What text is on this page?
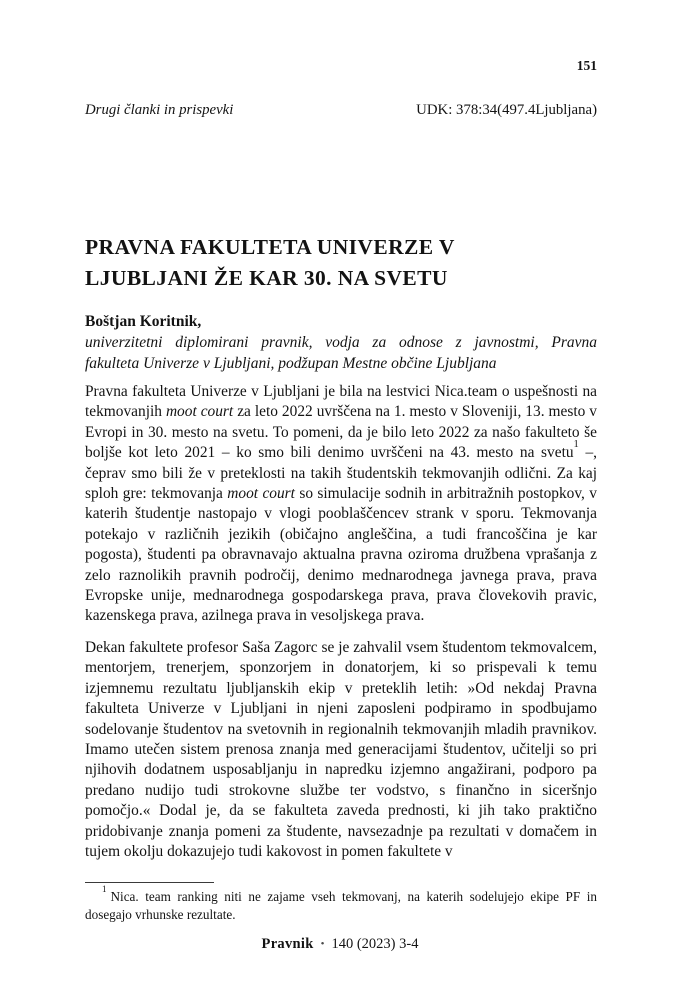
151
Drugi članki in prispevki	UDK: 378:34(497.4Ljubljana)
PRAVNA FAKULTETA UNIVERZE V
LJUBLJANI ŽE KAR 30. NA SVETU
Boštjan Koritnik,
univerzitetni diplomirani pravnik, vodja za odnose z javnostmi, Pravna
fakulteta Univerze v Ljubljani, podžupan Mestne občine Ljubljana

Pravna fakulteta Univerze v Ljubljani je bila na lestvici Nica.team o uspešnosti na tekmovanjih moot court za leto 2022 uvrščena na 1. mesto v Sloveniji, 13. mesto v Evropi in 30. mesto na svetu. To pomeni, da je bilo leto 2022 za našo fakulteto še boljše kot leto 2021 – ko smo bili denimo uvrščeni na 43. mesto na svetu$^1$ –, čeprav smo bili že v preteklosti na takih študentskih tekmovanjih odlični. Za kaj sploh gre: tekmovanja moot court so simulacije sodnih in arbitražnih postopkov, v katerih študentje nastopajo v vlogi pooblaščencev strank v sporu. Tekmovanja potekajo v različnih jezikih (običajno angleščina, a tudi francoščina je kar pogosta), študenti pa obravnavajo aktualna pravna oziroma družbena vprašanja z zelo raznolikih pravnih področij, denimo mednarodnega javnega prava, prava Evropske unije, mednarodnega gospodarskega prava, prava človekovih pravic, kazenskega prava, azilnega prava in vesoljskega prava.

Dekan fakultete profesor Saša Zagorc se je zahvalil vsem študentom tekmovalcem, mentorjem, trenerjem, sponzorjem in donatorjem, ki so prispevali k temu izjemnemu rezultatu ljubljanskih ekip v preteklih letih: »Od nekdaj Pravna fakulteta Univerze v Ljubljani in njeni zaposleni podpiramo in spodbujamo sodelovanje študentov na svetovnih in regionalnih tekmovanjih mladih pravnikov. Imamo utečen sistem prenosa znanja med generacijami študentov, učitelji so pri njihovih dodatnem usposabljanju in napredku izjemno angažirani, podporo pa predano nudijo tudi strokovne službe ter vodstvo, s finančno in siceršnjo pomočjo.« Dodal je, da se fakulteta zaveda prednosti, ki jih tako praktično pridobivanje znanja pomeni za študente, navsezadnje pa rezultati v domačem in tujem okolju dokazujejo tudi kakovost in pomen fakultete v

$^1$ Nica. team ranking niti ne zajame vseh tekmovanj, na katerih sodelujejo ekipe PF in dosegajo vrhunske rezultate.

Pravnik • 140 (2023) 3-4
